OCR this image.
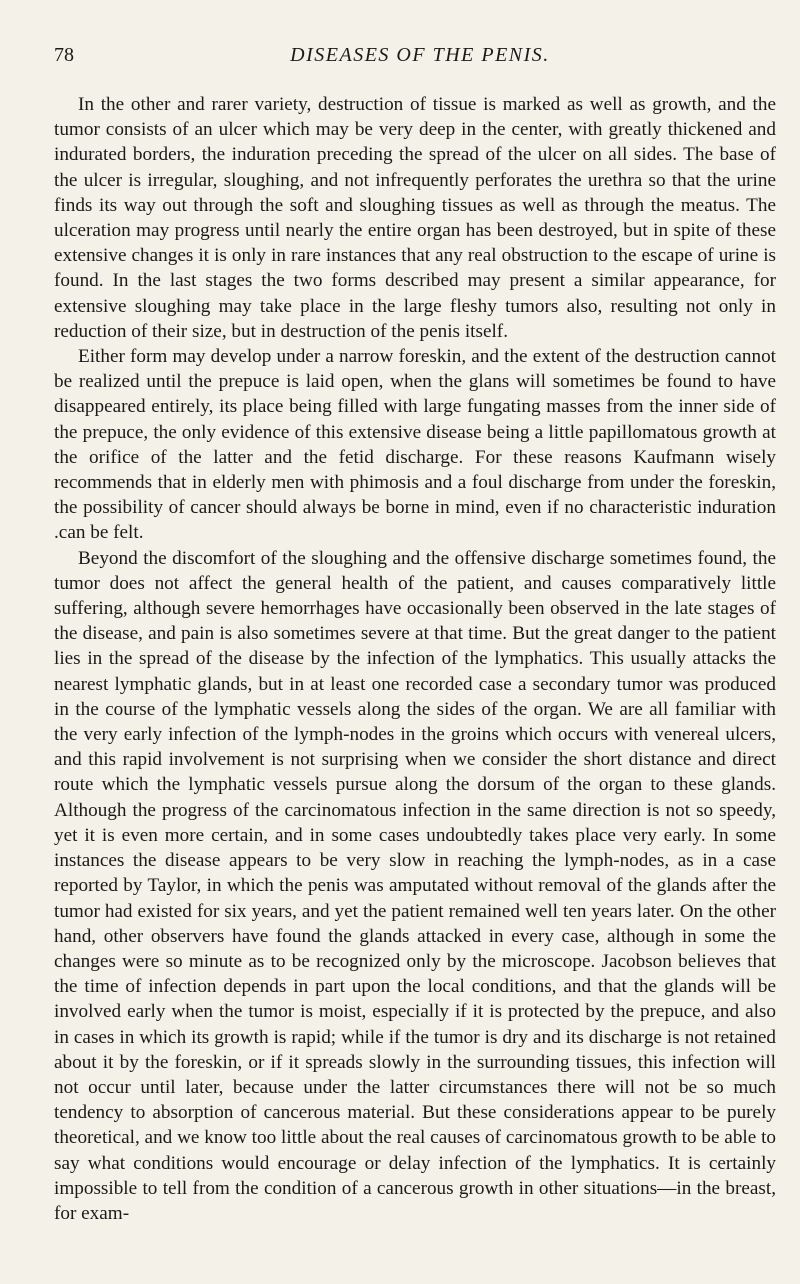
78	DISEASES OF THE PENIS.

In the other and rarer variety, destruction of tissue is marked as well as growth, and the tumor consists of an ulcer which may be very deep in the center, with greatly thickened and indurated borders, the induration preceding the spread of the ulcer on all sides. The base of the ulcer is irregular, sloughing, and not infrequently perforates the urethra so that the urine finds its way out through the soft and sloughing tissues as well as through the meatus. The ulceration may progress until nearly the entire organ has been destroyed, but in spite of these extensive changes it is only in rare instances that any real obstruction to the escape of urine is found. In the last stages the two forms described may present a similar appearance, for extensive sloughing may take place in the large fleshy tumors also, resulting not only in reduction of their size, but in destruction of the penis itself.

Either form may develop under a narrow foreskin, and the extent of the destruction cannot be realized until the prepuce is laid open, when the glans will sometimes be found to have disappeared entirely, its place being filled with large fungating masses from the inner side of the prepuce, the only evidence of this extensive disease being a little papillomatous growth at the orifice of the latter and the fetid discharge. For these reasons Kaufmann wisely recommends that in elderly men with phimosis and a foul discharge from under the foreskin, the possibility of cancer should always be borne in mind, even if no characteristic induration .can be felt.

Beyond the discomfort of the sloughing and the offensive discharge sometimes found, the tumor does not affect the general health of the patient, and causes comparatively little suffering, although severe hemorrhages have occasionally been observed in the late stages of the disease, and pain is also sometimes severe at that time. But the great danger to the patient lies in the spread of the disease by the infection of the lymphatics. This usually attacks the nearest lymphatic glands, but in at least one recorded case a secondary tumor was produced in the course of the lymphatic vessels along the sides of the organ. We are all familiar with the very early infection of the lymph-nodes in the groins which occurs with venereal ulcers, and this rapid involvement is not surprising when we consider the short distance and direct route which the lymphatic vessels pursue along the dorsum of the organ to these glands. Although the progress of the carcinomatous infection in the same direction is not so speedy, yet it is even more certain, and in some cases undoubtedly takes place very early. In some instances the disease appears to be very slow in reaching the lymph-nodes, as in a case reported by Taylor, in which the penis was amputated without removal of the glands after the tumor had existed for six years, and yet the patient remained well ten years later. On the other hand, other observers have found the glands attacked in every case, although in some the changes were so minute as to be recognized only by the microscope. Jacobson believes that the time of infection depends in part upon the local conditions, and that the glands will be involved early when the tumor is moist, especially if it is protected by the prepuce, and also in cases in which its growth is rapid; while if the tumor is dry and its discharge is not retained about it by the foreskin, or if it spreads slowly in the surrounding tissues, this infection will not occur until later, because under the latter circumstances there will not be so much tendency to absorption of cancerous material. But these considerations appear to be purely theoretical, and we know too little about the real causes of carcinomatous growth to be able to say what conditions would encourage or delay infection of the lymphatics. It is certainly impossible to tell from the condition of a cancerous growth in other situations—in the breast, for exam-
